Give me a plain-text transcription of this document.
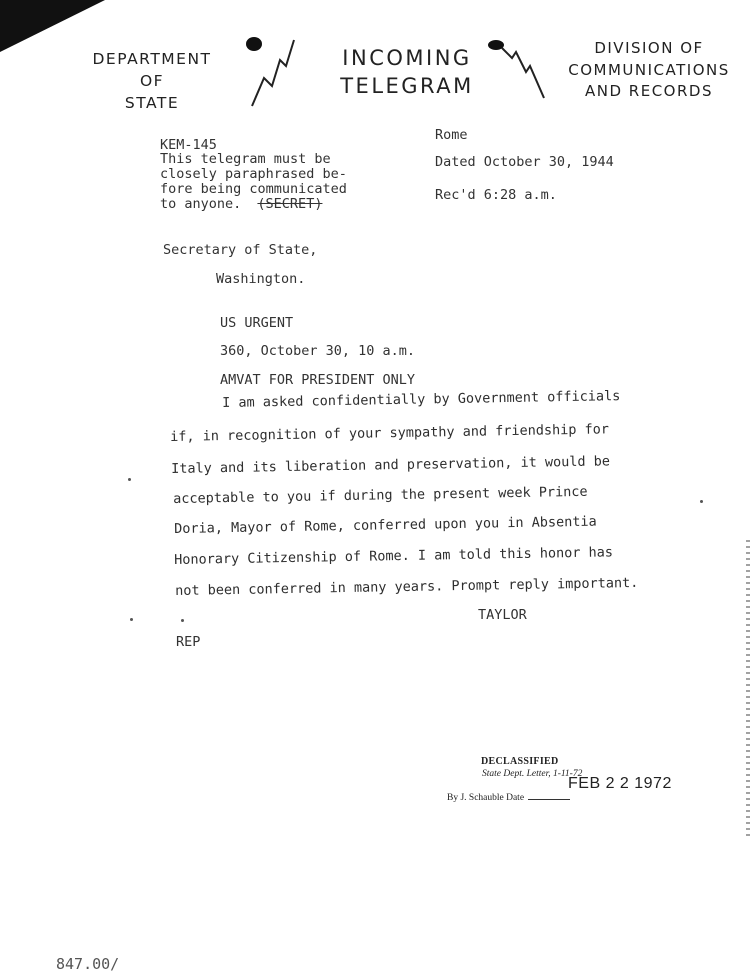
DEPARTMENT
OF
STATE
INCOMING
TELEGRAM
DIVISION OF
COMMUNICATIONS
AND RECORDS
KEM-145
This telegram must be
closely paraphrased be-
fore being communicated
to anyone. (SECRET)
Rome
Dated October 30, 1944
Rec'd 6:28 a.m.
Secretary of State,
Washington.
US URGENT
360, October 30, 10 a.m.
AMVAT FOR PRESIDENT ONLY
I am asked confidentially by Government officials
if, in recognition of your sympathy and friendship for
Italy and its liberation and preservation, it would be
acceptable to you if during the present week Prince
Doria, Mayor of Rome, conferred upon you in Absentia
Honorary Citizenship of Rome. I am told this honor has
not been conferred in many years. Prompt reply important.
TAYLOR
REP
DECLASSIFIED
State Dept. Letter, 1-11-72
By J. Schauble Date
FEB 2 2 1972
847.00/
